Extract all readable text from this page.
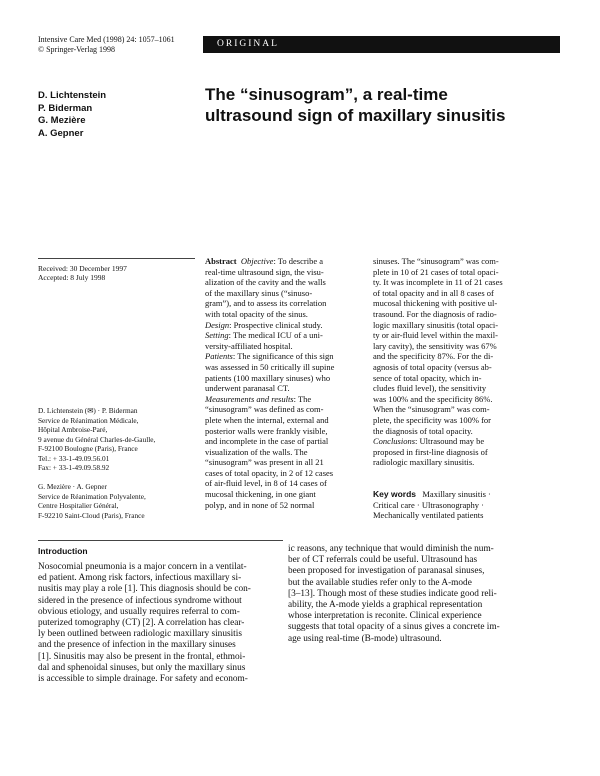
Intensive Care Med (1998) 24: 1057–1061
© Springer-Verlag 1998
ORIGINAL
D. Lichtenstein
P. Biderman
G. Mezière
A. Gepner
The “sinusogram”, a real-time
ultrasound sign of maxillary sinusitis
Received: 30 December 1997
Accepted: 8 July 1998

D. Lichtenstein (✉) · P. Biderman
Service de Réanimation Médicale,
Hôpital Ambroise-Paré,
9 avenue du Général Charles-de-Gaulle,
F-92100 Boulogne (Paris), France
Tel.: + 33-1-49.09.56.01
Fax: + 33-1-49.09.58.92

G. Mezière · A. Gepner
Service de Réanimation Polyvalente,
Centre Hospitalier Général,
F-92210 Saint-Cloud (Paris), France

Abstract Objective: To describe a
real-time ultrasound sign, the visu-
alization of the cavity and the walls
of the maxillary sinus (“sinuso-
gram”), and to assess its correlation
with total opacity of the sinus.
Design: Prospective clinical study.
Setting: The medical ICU of a uni-
versity-affiliated hospital.
Patients: The significance of this sign
was assessed in 50 critically ill supine
patients (100 maxillary sinuses) who
underwent paranasal CT.
Measurements and results: The
“sinusogram” was defined as com-
plete when the internal, external and
posterior walls were frankly visible,
and incomplete in the case of partial
visualization of the walls. The
“sinusogram” was present in all 21
cases of total opacity, in 2 of 12 cases
of air-fluid level, in 8 of 14 cases of
mucosal thickening, in one giant
polyp, and in none of 52 normal
sinuses. The “sinusogram” was com-
plete in 10 of 21 cases of total opaci-
ty. It was incomplete in 11 of 21 cases
of total opacity and in all 8 cases of
mucosal thickening with positive ul-
trasound. For the diagnosis of radio-
logic maxillary sinusitis (total opaci-
ty or air-fluid level within the maxil-
lary cavity), the sensitivity was 67%
and the specificity 87%. For the di-
agnosis of total opacity (versus ab-
sence of total opacity, which in-
cludes fluid level), the sensitivity
was 100% and the specificity 86%.
When the “sinusogram” was com-
plete, the specificity was 100% for
the diagnosis of total opacity.
Conclusions: Ultrasound may be
proposed in first-line diagnosis of
radiologic maxillary sinusitis.
Key words Maxillary sinusitis ·
Critical care · Ultrasonography ·
Mechanically ventilated patients
Introduction
Nosocomial pneumonia is a major concern in a ventilat-
ed patient. Among risk factors, infectious maxillary si-
nusitis may play a role [1]. This diagnosis should be con-
sidered in the presence of infectious syndrome without
obvious etiology, and usually requires referral to com-
puterized tomography (CT) [2]. A correlation has clear-
ly been outlined between radiologic maxillary sinusitis
and the presence of infection in the maxillary sinuses
[1]. Sinusitis may also be present in the frontal, ethmoi-
dal and sphenoidal sinuses, but only the maxillary sinus
is accessible to simple drainage. For safety and econom-
ic reasons, any technique that would diminish the num-
ber of CT referrals could be useful. Ultrasound has
been proposed for investigation of paranasal sinuses,
but the available studies refer only to the A-mode
[3–13]. Though most of these studies indicate good reli-
ability, the A-mode yields a graphical representation
whose interpretation is reconite. Clinical experience
suggests that total opacity of a sinus gives a concrete im-
age using real-time (B-mode) ultrasound.
